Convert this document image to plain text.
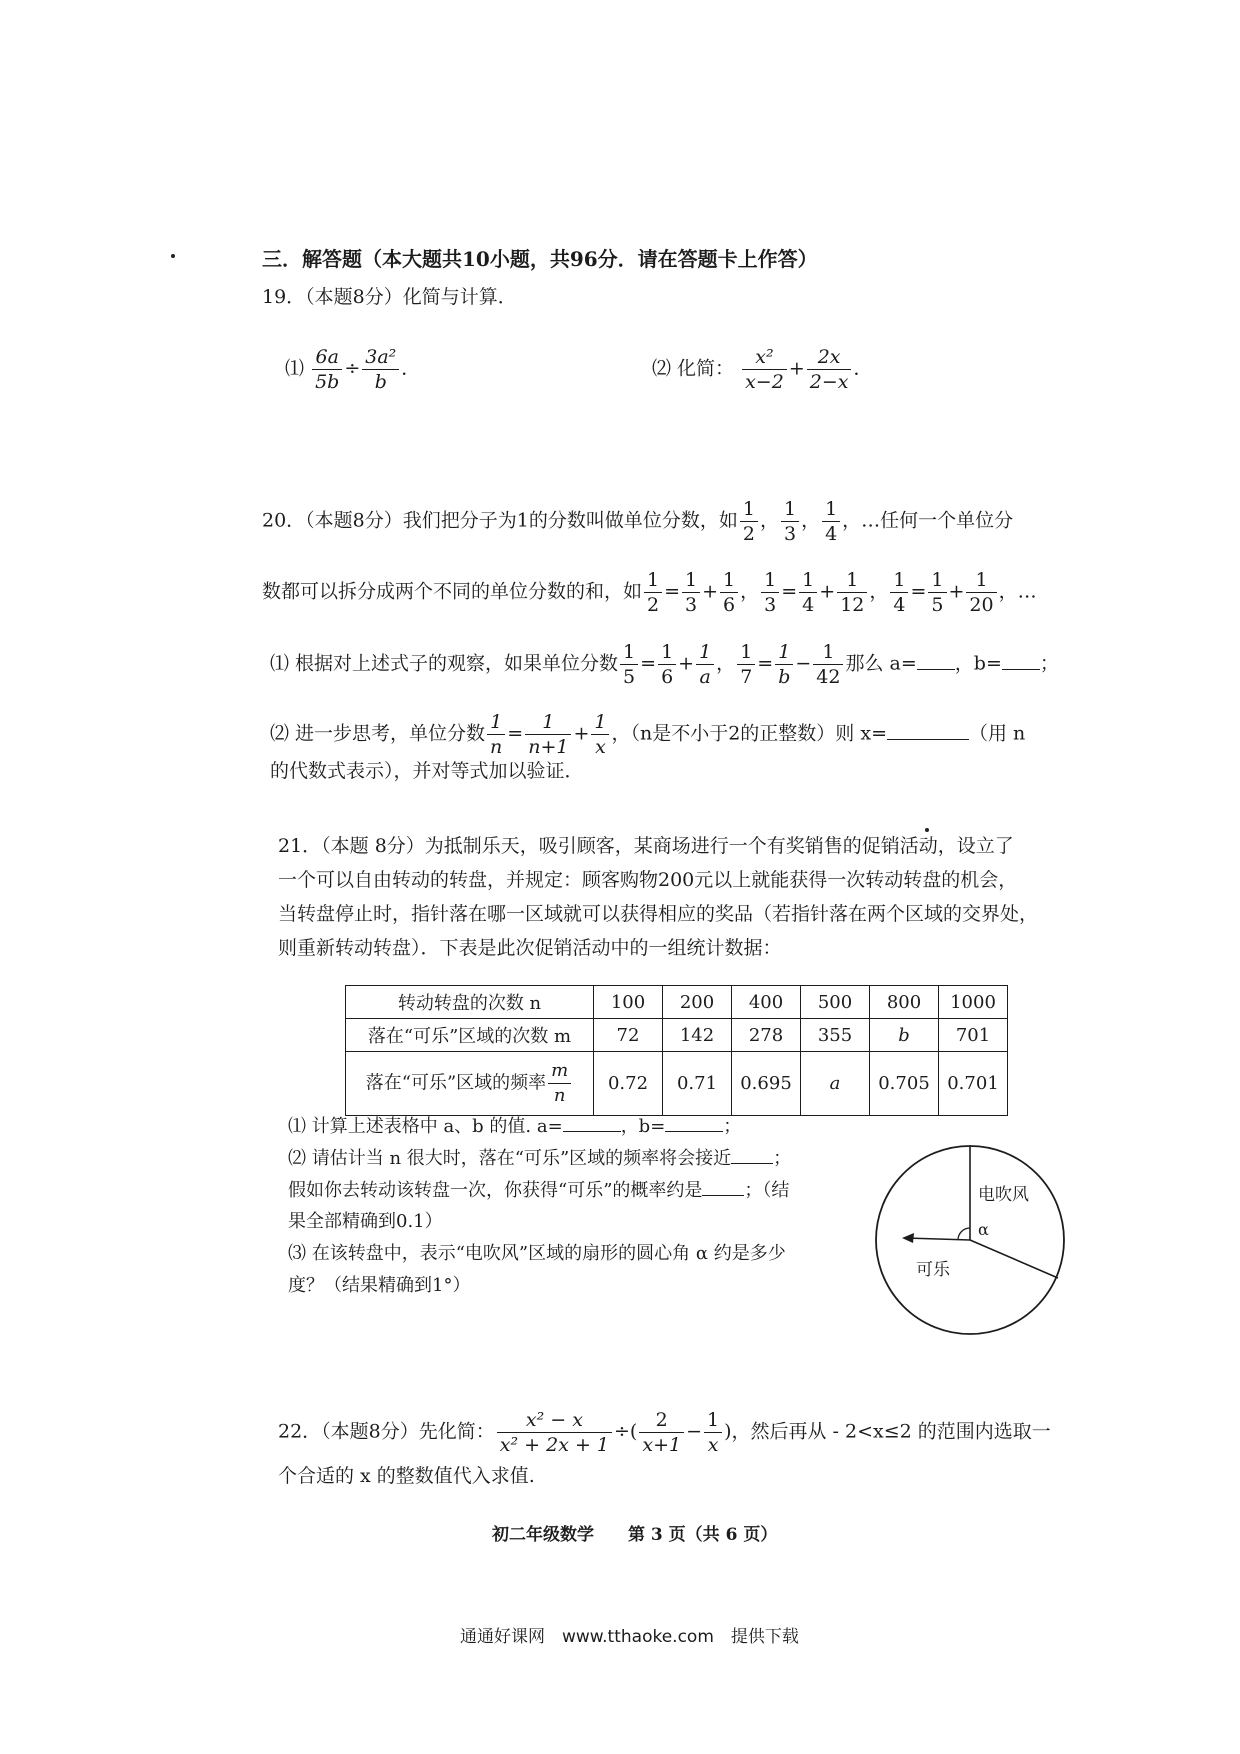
三．解答题（本大题共10小题，共96分．请在答题卡上作答）
19．（本题8分）化简与计算．
⑴ $\frac{6a}{5b} \div \frac{\text{3a²}}{b}$ ．	⑵ 化简： $\frac{\text{x²}}{x-2} + \frac{2x}{2-x}$ ．
20．（本题8分）我们把分子为1的分数叫做单位分数，如 $\frac{1}{2}$ ， $\frac{1}{3}$ ， $\frac{1}{4}$ ，…任何一个单位分
数都可以拆分成两个不同的单位分数的和，如 $\frac{1}{2} = \frac{1}{3} + \frac{1}{6}$ ， $\frac{1}{3} = \frac{1}{4} + \frac{1}{12}$ ， $\frac{1}{4} = \frac{1}{5} + \frac{1}{20}$ ，…
⑴ 根据对上述式子的观察，如果单位分数 $\frac{1}{5} = \frac{1}{6} + \frac{1}{a}$ ， $\frac{1}{7} = \frac{1}{b} - \frac{1}{42}$ 那么 a= ，b= ；
⑵ 进一步思考，单位分数 $\frac{1}{n} = \frac{1}{n+1} + \frac{1}{x}$ ，（n是不小于2的正整数）则 x=	（用 n
的代数式表示），并对等式加以验证．
21．（本题 8分）为抵制乐天，吸引顾客，某商场进行一个有奖销售的促销活动，设立了
一个可以自由转动的转盘，并规定：顾客购物200元以上就能获得一次转动转盘的机会，
当转盘停止时，指针落在哪一区域就可以获得相应的奖品（若指针落在两个区域的交界处，
则重新转动转盘）．下表是此次促销活动中的一组统计数据：
转动转盘的次数 n	100	200	400	500	800	1000
落在“可乐”区域的次数 m	72	142	278	355	b	701
落在“可乐”区域的频率 $\frac{m}{n}$	0.72	0.71	0.695	a	0.705	0.701
⑴ 计算上述表格中 a、b 的值. a=	，b=	；
⑵ 请估计当 n 很大时，落在“可乐”区域的频率将会接近 ；
假如你去转动该转盘一次，你获得“可乐”的概率约是 ；（结
果全部精确到0.1）
⑶ 在该转盘中，表示“电吹风”区域的扇形的圆心角 α 约是多少
度？（结果精确到1°）
电吹风
α
可乐
22．（本题8分）先化简： $\frac{\text{x² − x}}{\text{x² + 2x + 1}}$ ÷( $\frac{2}{x+1} - \frac{1}{x}$ )，然后再从 - 2<x≤2 的范围内选取一
个合适的 x 的整数值代入求值.
初二年级数学　　第 3 页（共 6 页）
通通好课网　www.tthaoke.com　提供下载
